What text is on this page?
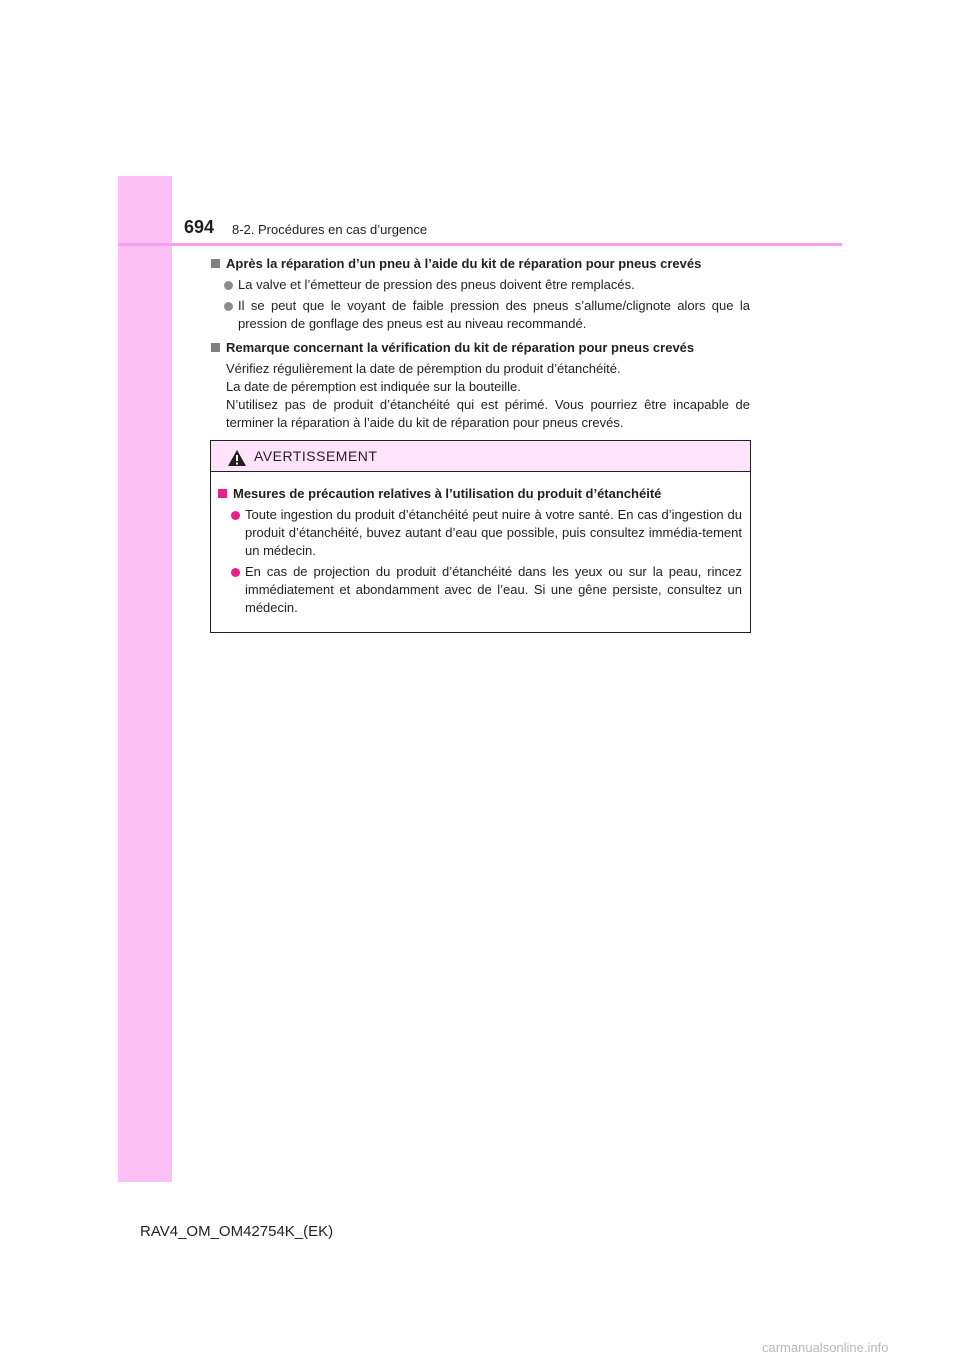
694 8-2. Procédures en cas d’urgence
Après la réparation d’un pneu à l’aide du kit de réparation pour pneus crevés
La valve et l’émetteur de pression des pneus doivent être remplacés.
Il se peut que le voyant de faible pression des pneus s’allume/clignote alors que la pression de gonflage des pneus est au niveau recommandé.
Remarque concernant la vérification du kit de réparation pour pneus crevés

Vérifiez régulièrement la date de péremption du produit d’étanchéité.

La date de péremption est indiquée sur la bouteille.

N’utilisez pas de produit d’étanchéité qui est périmé. Vous pourriez être incapable de terminer la réparation à l’aide du kit de réparation pour pneus crevés.

AVERTISSEMENT
Mesures de précaution relatives à l’utilisation du produit d’étanchéité
Toute ingestion du produit d’étanchéité peut nuire à votre santé. En cas d’ingestion du produit d’étanchéité, buvez autant d’eau que possible, puis consultez immédia-tement un médecin.
En cas de projection du produit d’étanchéité dans les yeux ou sur la peau, rincez immédiatement et abondamment avec de l’eau. Si une gêne persiste, consultez un médecin.
RAV4_OM_OM42754K_(EK)
carmanualsonline.info
